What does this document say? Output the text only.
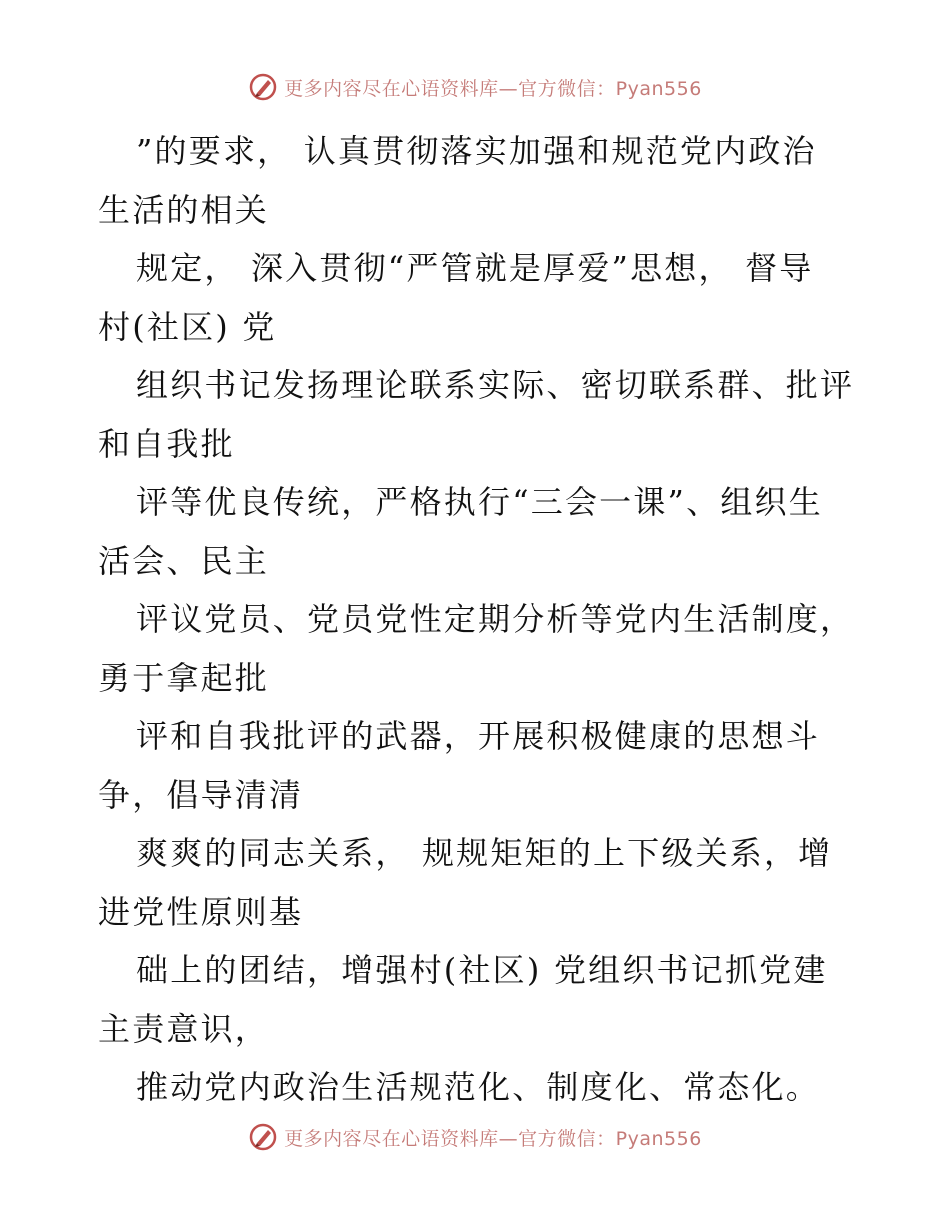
更多内容尽在心语资料库—官方微信：Pyan556
”的要求， 认真贯彻落实加强和规范党内政治
生活的相关
规定， 深入贯彻“严管就是厚爱”思想， 督导
村(社区) 党
组织书记发扬理论联系实际、密切联系群、批评
和自我批
评等优良传统，严格执行“三会一课”、组织生
活会、民主
评议党员、党员党性定期分析等党内生活制度，
勇于拿起批
评和自我批评的武器，开展积极健康的思想斗
争，倡导清清
爽爽的同志关系， 规规矩矩的上下级关系，增
进党性原则基
础上的团结，增强村(社区) 党组织书记抓党建
主责意识，
推动党内政治生活规范化、制度化、常态化。
更多内容尽在心语资料库—官方微信：Pyan556
